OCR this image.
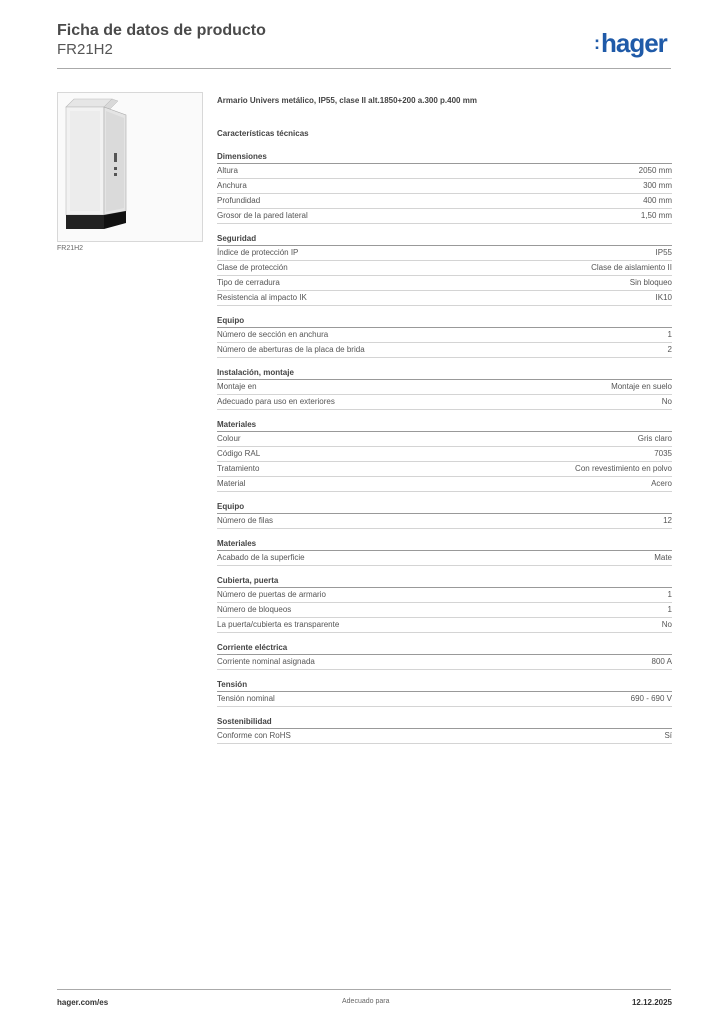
Ficha de datos de producto
FR21H2	:hager
FR21H2
Armario Univers metálico, IP55, clase II alt.1850+200 a.300 p.400 mm
Características técnicas
Dimensiones
Altura	2050 mm
Anchura	300 mm
Profundidad	400 mm
Grosor de la pared lateral	1,50 mm
Seguridad
Índice de protección IP	IP55
Clase de protección	Clase de aislamiento II
Tipo de cerradura	Sin bloqueo
Resistencia al impacto IK	IK10
Equipo
Número de sección en anchura	1
Número de aberturas de la placa de brida	2
Instalación, montaje
Montaje en	Montaje en suelo
Adecuado para uso en exteriores	No
Materiales
Colour	Gris claro
Código RAL	7035
Tratamiento	Con revestimiento en polvo
Material	Acero
Equipo
Número de filas	12
Materiales
Acabado de la superficie	Mate
Cubierta, puerta
Número de puertas de armario	1
Número de bloqueos	1
La puerta/cubierta es transparente	No
Corriente eléctrica
Corriente nominal asignada	800 A
Tensión
Tensión nominal	690 - 690 V
Sostenibilidad
Conforme con RoHS	Sí
hager.com/es	Adecuado para	12.12.2025
